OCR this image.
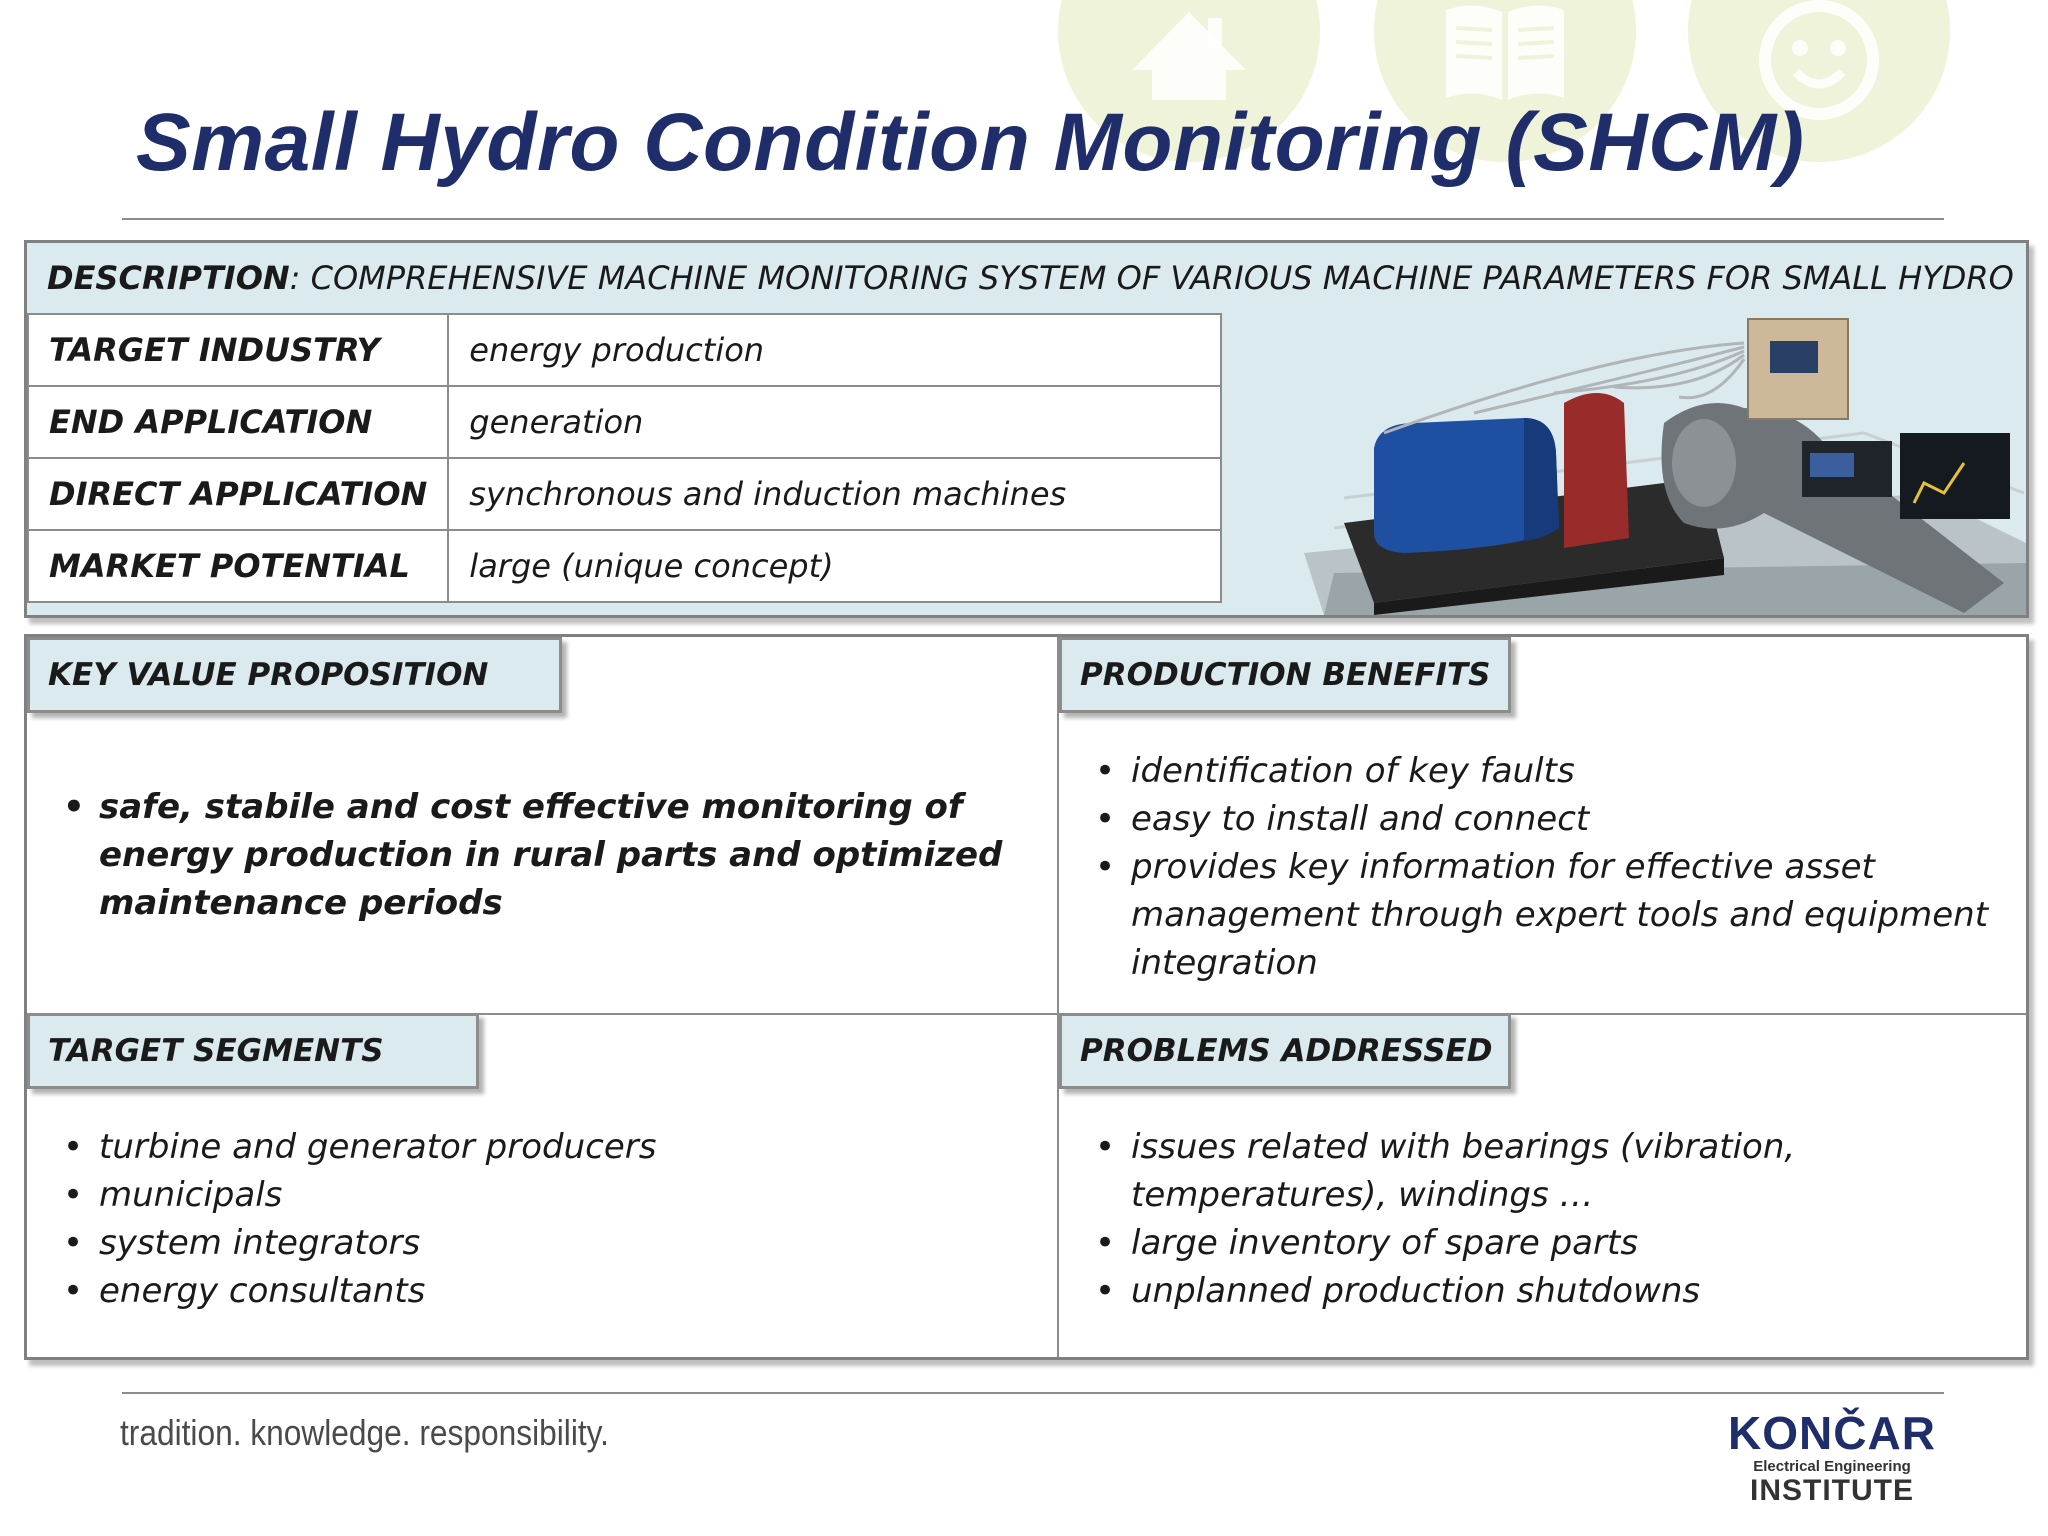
Small Hydro Condition Monitoring (SHCM)
DESCRIPTION: COMPREHENSIVE MACHINE MONITORING SYSTEM OF VARIOUS MACHINE PARAMETERS FOR SMALL HYDRO
TARGET INDUSTRY	energy production
END APPLICATION	generation
DIRECT APPLICATION	synchronous and induction machines
MARKET POTENTIAL	large (unique concept)
KEY VALUE PROPOSITION
• safe, stabile and cost effective monitoring of energy production in rural parts and optimized maintenance periods
PRODUCTION BENEFITS
• identification of key faults
• easy to install and connect
• provides key information for effective asset management through expert tools and equipment integration
TARGET SEGMENTS
• turbine and generator producers
• municipals
• system integrators
• energy consultants
PROBLEMS ADDRESSED
• issues related with bearings (vibration, temperatures), windings …
• large inventory of spare parts
• unplanned production shutdowns
tradition. knowledge. responsibility.	KONČAR
Electrical Engineering
INSTITUTE
